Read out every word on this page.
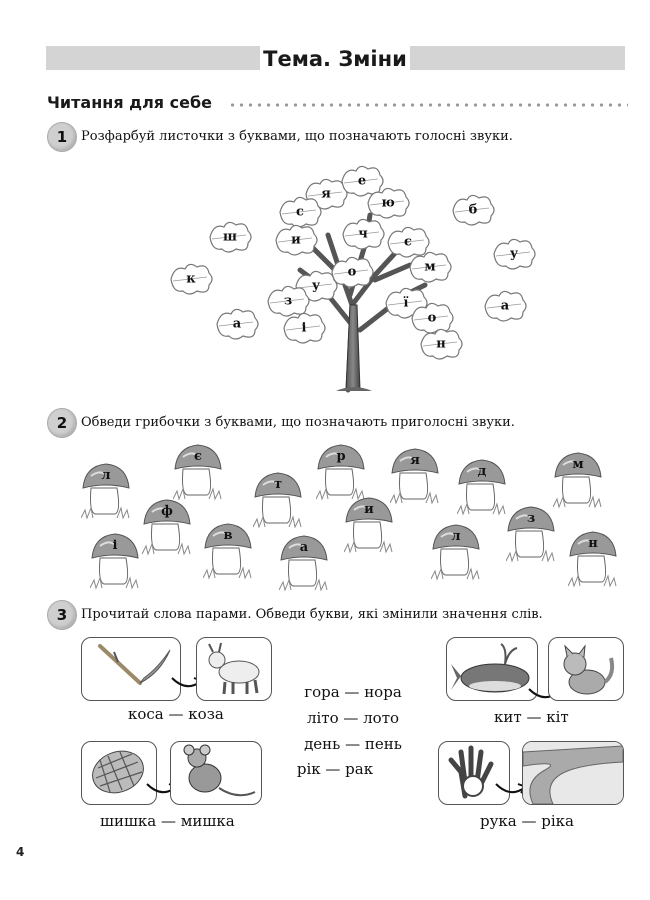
Тема. Зміни
Читання для себе
1	Розфарбуй листочки з буквами, що позначають голосні звуки.
я
е
с
ю	б
ш	и	ч
є
у
к
м
у
о
з	ї	а
о
і
а
н
2	Обведи грибочки з буквами, що позначають приголосні звуки.
л
є
т
р	я
д	м
ф	и
з
і
в
а
л	н
3	Прочитай слова парами. Обведи букви, які змінили значення слів.
коса — коза	кит — кіт
гора — нора
літо — лото
день — пень
рік — рак
шишка — мишка	рука — ріка
4
